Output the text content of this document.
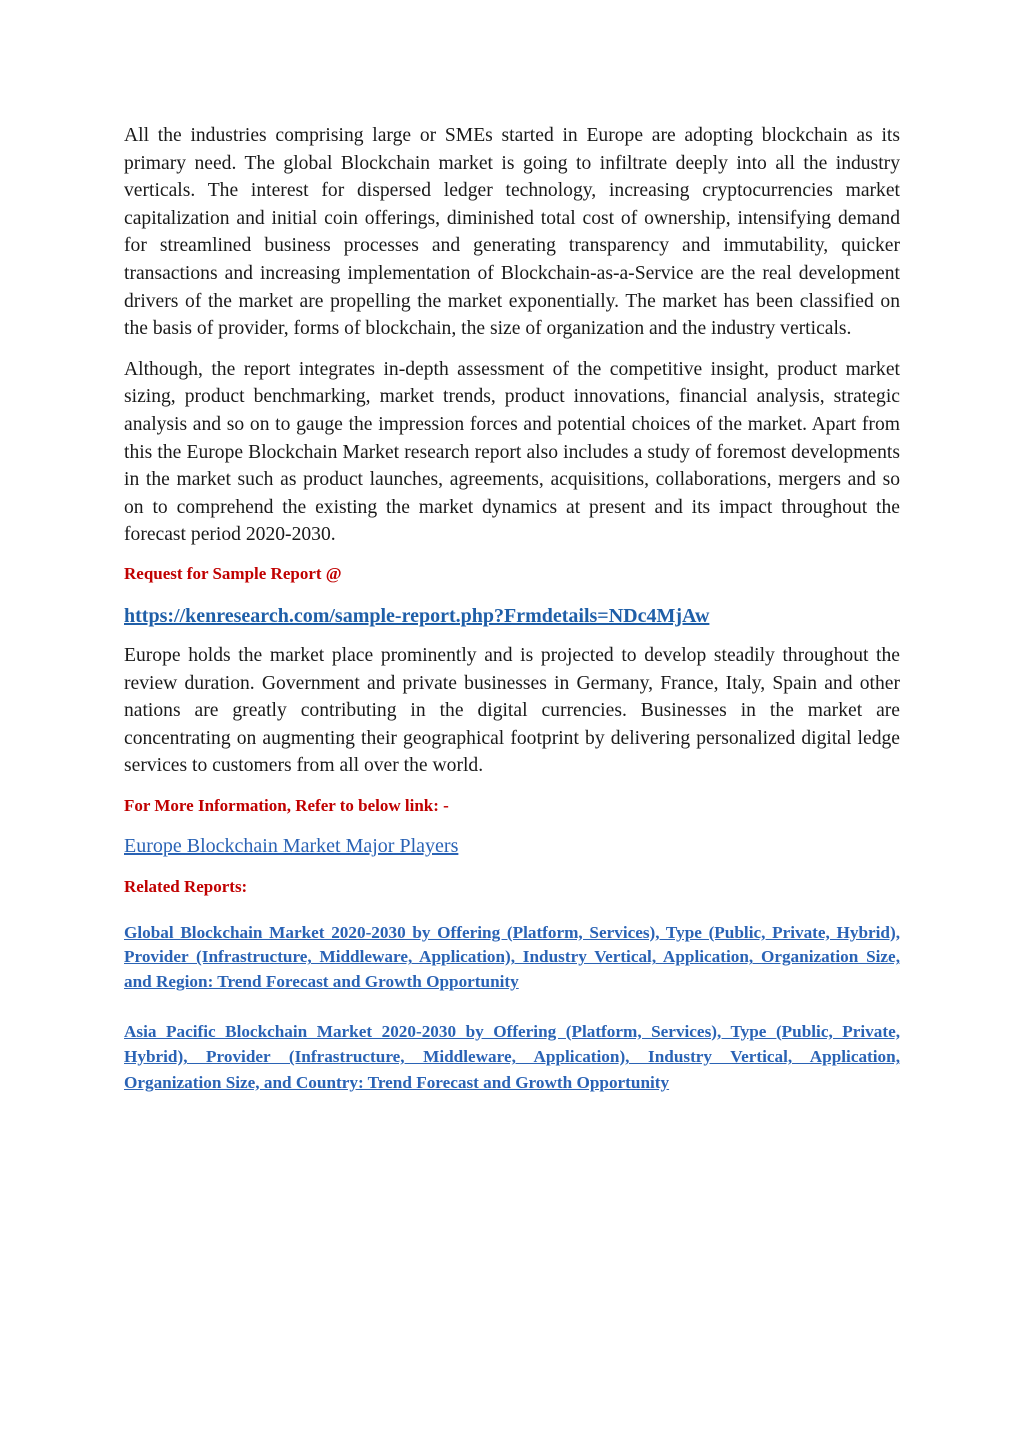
All the industries comprising large or SMEs started in Europe are adopting blockchain as its primary need. The global Blockchain market is going to infiltrate deeply into all the industry verticals. The interest for dispersed ledger technology, increasing cryptocurrencies market capitalization and initial coin offerings, diminished total cost of ownership, intensifying demand for streamlined business processes and generating transparency and immutability, quicker transactions and increasing implementation of Blockchain-as-a-Service are the real development drivers of the market are propelling the market exponentially. The market has been classified on the basis of provider, forms of blockchain, the size of organization and the industry verticals.

Although, the report integrates in-depth assessment of the competitive insight, product market sizing, product benchmarking, market trends, product innovations, financial analysis, strategic analysis and so on to gauge the impression forces and potential choices of the market. Apart from this the Europe Blockchain Market research report also includes a study of foremost developments in the market such as product launches, agreements, acquisitions, collaborations, mergers and so on to comprehend the existing the market dynamics at present and its impact throughout the forecast period 2020-2030.

Request for Sample Report @

https://kenresearch.com/sample-report.php?Frmdetails=NDc4MjAw

Europe holds the market place prominently and is projected to develop steadily throughout the review duration. Government and private businesses in Germany, France, Italy, Spain and other nations are greatly contributing in the digital currencies. Businesses in the market are concentrating on augmenting their geographical footprint by delivering personalized digital ledge services to customers from all over the world.

For More Information, Refer to below link: -

Europe Blockchain Market Major Players

Related Reports:

Global Blockchain Market 2020-2030 by Offering (Platform, Services), Type (Public, Private, Hybrid), Provider (Infrastructure, Middleware, Application), Industry Vertical, Application, Organization Size, and Region: Trend Forecast and Growth Opportunity
Asia Pacific Blockchain Market 2020-2030 by Offering (Platform, Services), Type (Public, Private, Hybrid), Provider (Infrastructure, Middleware, Application), Industry Vertical, Application, Organization Size, and Country: Trend Forecast and Growth Opportunity
